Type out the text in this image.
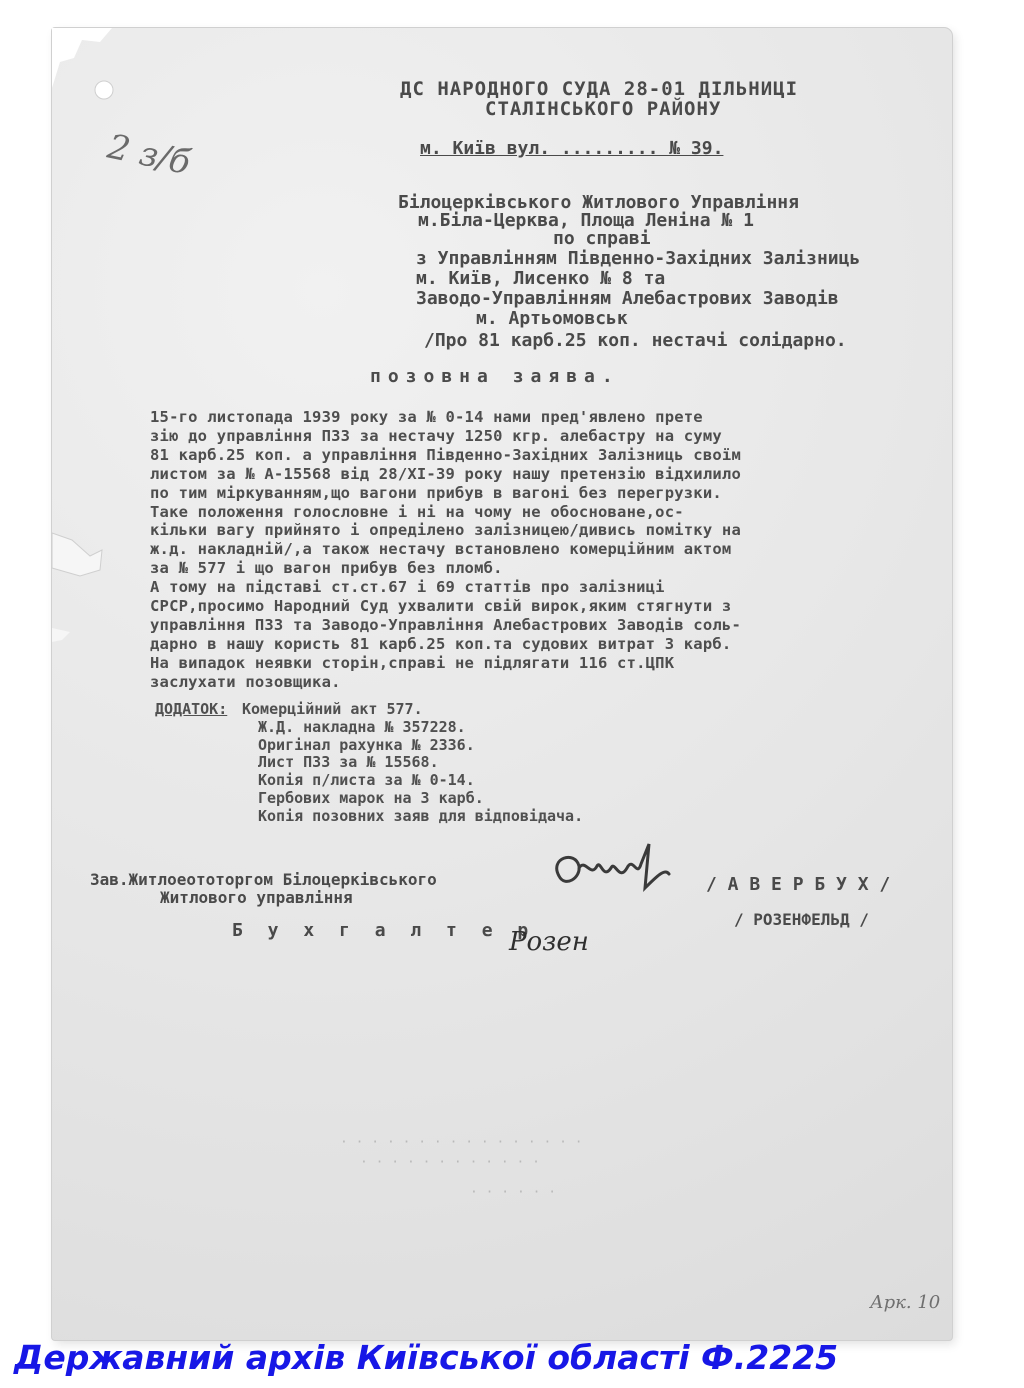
ДС НАРОДНОГО СУДА 28-01 ДІЛЬНИЦІ
СТАЛІНСЬКОГО РАЙОНУ
м. Київ вул. ......... № 39.
2 з/б
Білоцерківського Житлового Управління
м.Біла-Церква, Площа Леніна № 1
по справі
з Управлінням Південно-Західних Залізниць
м. Київ, Лисенко № 8 та
Заводо-Управлінням Алебастрових Заводів
м. Артьомовськ
/Про 81 карб.25 коп. нестачі солідарно.
позовна заява.
15-го листопада 1939 року за № 0-14 нами пред'явлено прете
зію до управління ПЗЗ за нестачу 1250 кгр. алебастру на суму
81 карб.25 коп. а управління Південно-Західних Залізниць своїм
листом за № А-15568 від 28/ХІ-39 року нашу претензію відхилило
по тим міркуванням,що вагони прибув в вагоні без перегрузки.
Таке положення голословне і ні на чому не обосноване,ос-
кільки вагу прийнято і опреділено залізницею/дивись помітку на
ж.д. накладній/,а також нестачу встановлено комерційним актом
за № 577 і що вагон прибув без пломб.
А тому на підставі ст.ст.67 і 69 статтів про залізниці
СРСР,просимо Народний Суд ухвалити свій вирок,яким стягнути з
управління ПЗЗ та Заводо-Управління Алебастрових Заводів соль-
дарно в нашу користь 81 карб.25 коп.та судових витрат 3 карб.
На випадок неявки сторін,справі не підлягати 116 ст.ЦПК
заслухати позовщика.
ДОДАТОК: Комерційний акт 577.
Ж.Д. накладна № 357228.
Оригінал рахунка № 2336.
Лист ПЗЗ за № 15568.
Копія п/листа за № 0-14.
Гербових марок на 3 карб.
Копія позовних заяв для відповідача.
Зав.Житлоеототоргом Білоцерківського
Житлового управління
/ А В Е Р Б У Х /
Б у х г а л т е р
Розен
/ РОЗЕНФЕЛЬД /
· · · · · · · · · · · · · · · ·
· · · · · · · · · · · ·
· · · · · ·
Арк. 10
Державний архів Київської області Ф.2225
